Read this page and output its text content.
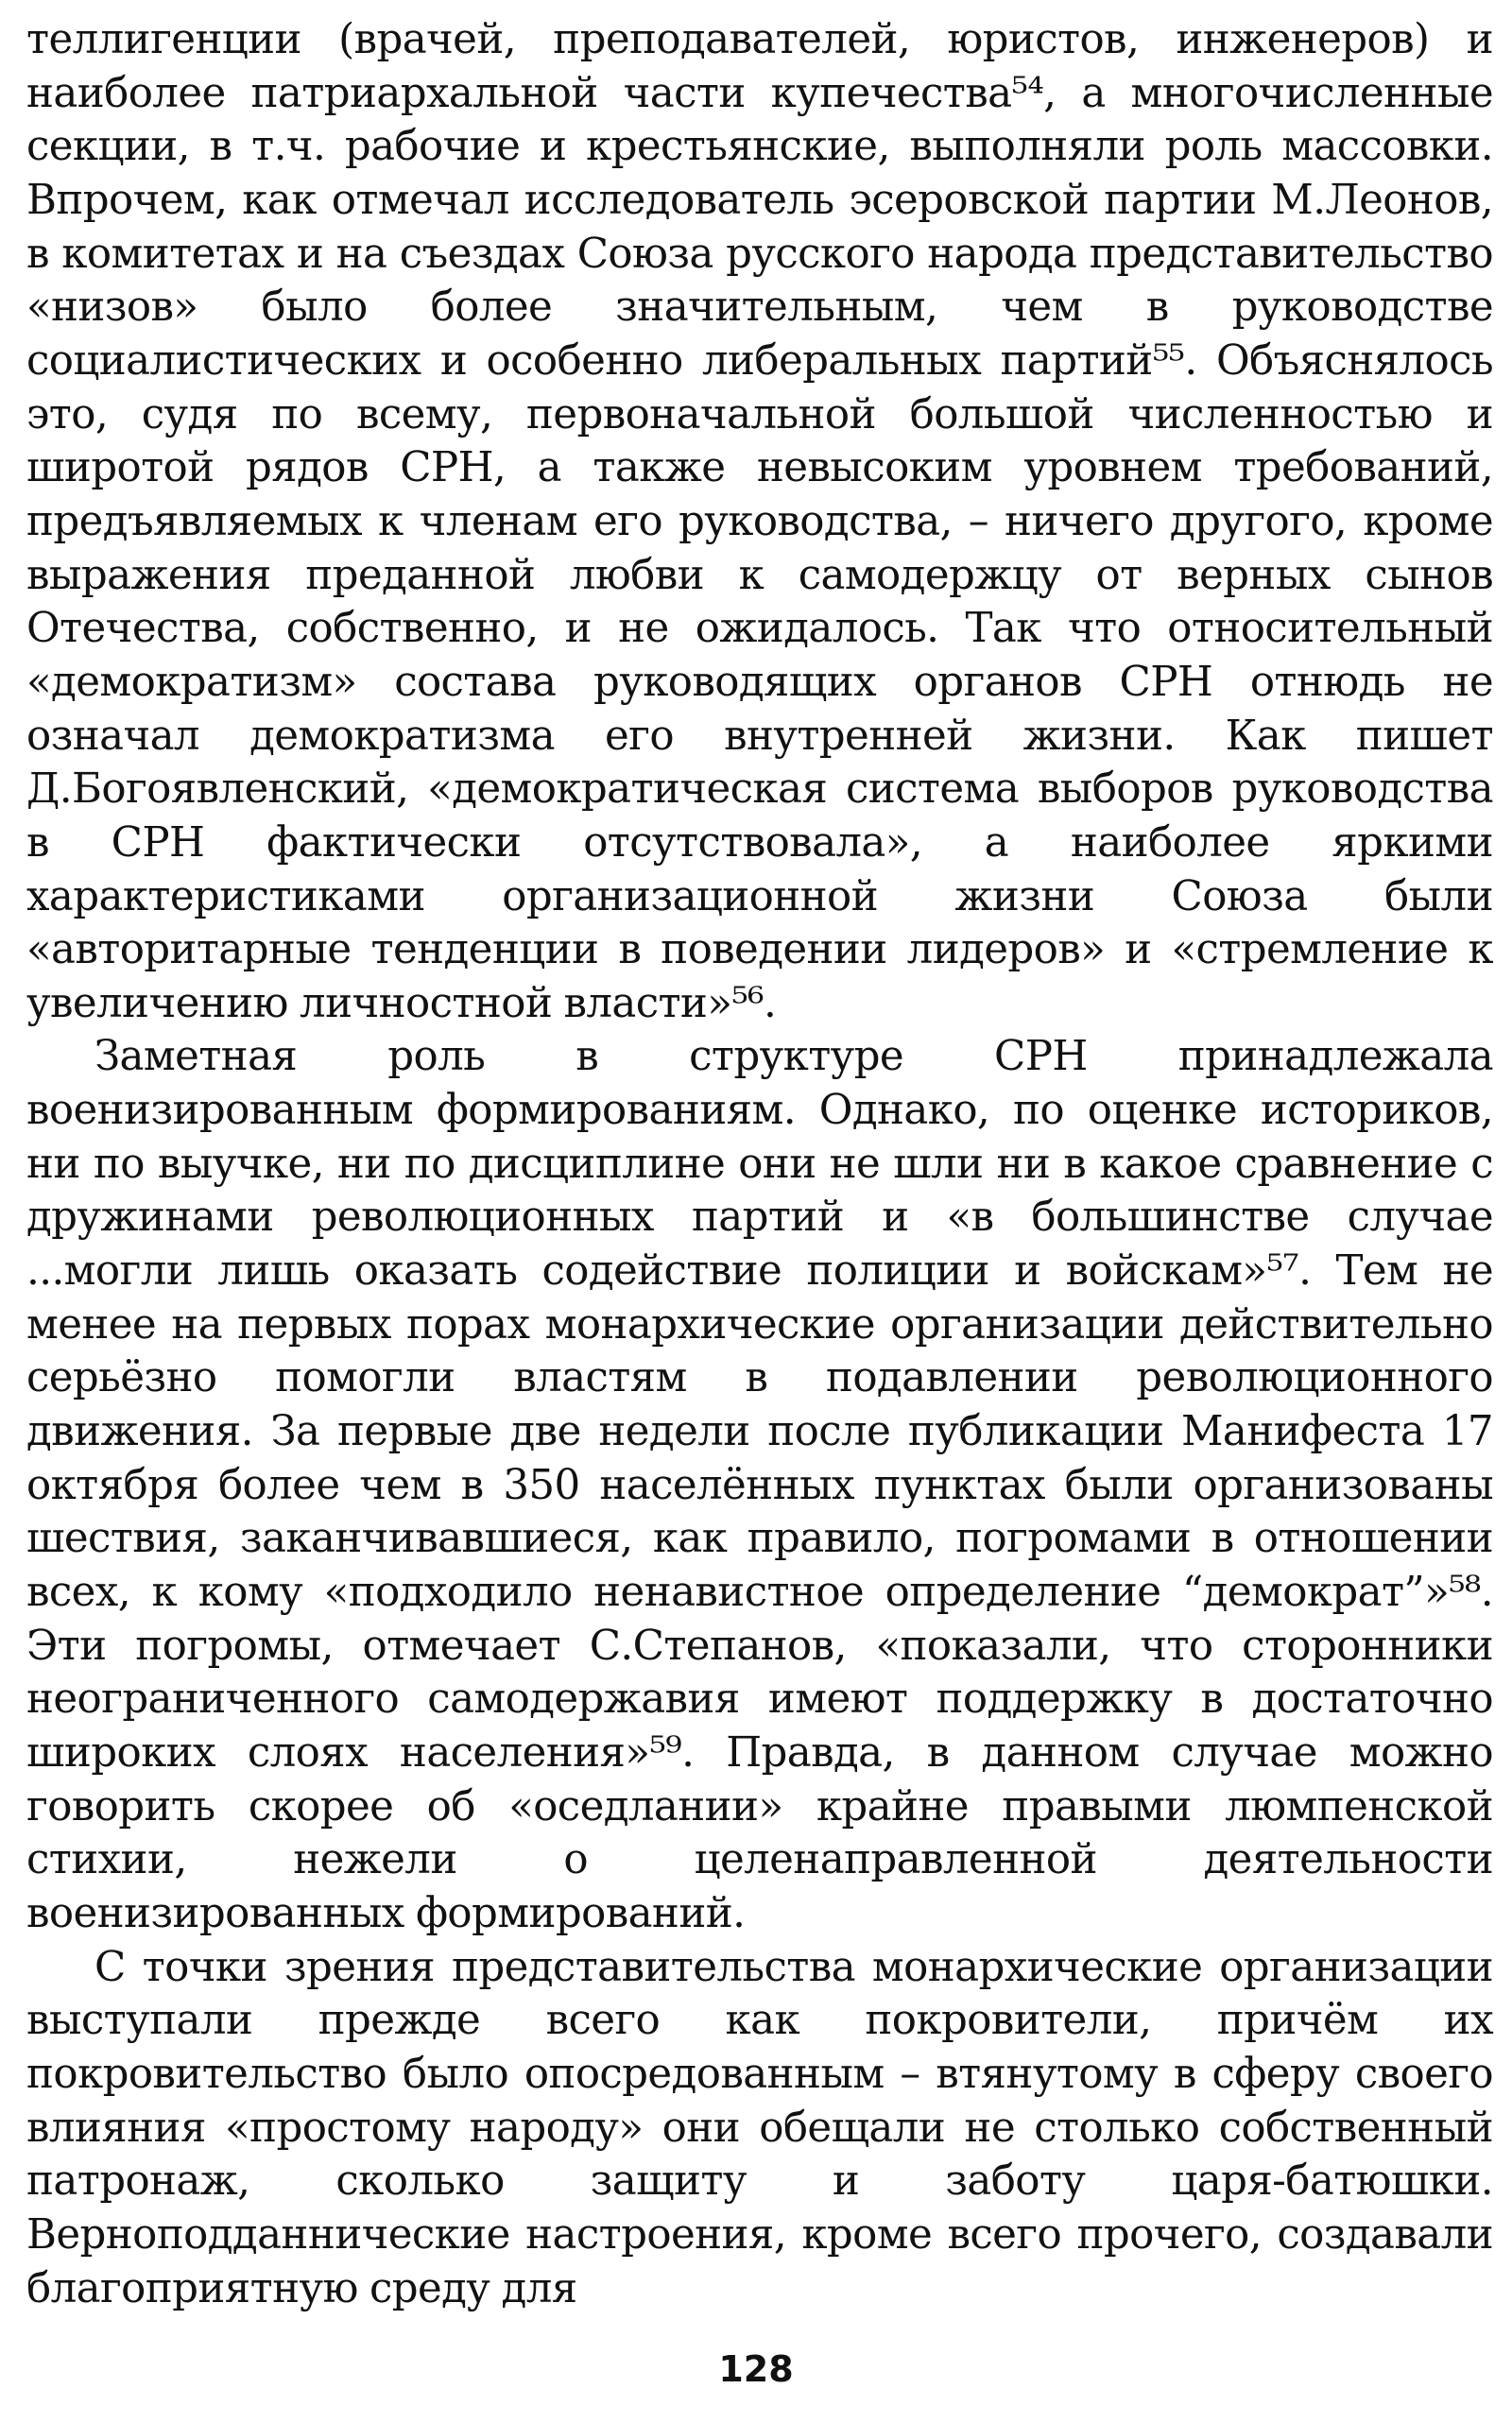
теллигенции (врачей, преподавателей, юристов, инженеров) и наиболее патриархальной части купечества⁵⁴, а многочисленные секции, в т.ч. рабочие и крестьянские, выполняли роль массовки. Впрочем, как отмечал исследователь эсеровской партии М.Леонов, в комитетах и на съездах Союза русского народа представительство «низов» было более значительным, чем в руководстве социалистических и особенно либеральных партий⁵⁵. Объяснялось это, судя по всему, первоначальной большой численностью и широтой рядов СРН, а также невысоким уровнем требований, предъявляемых к членам его руководства, – ничего другого, кроме выражения преданной любви к самодержцу от верных сынов Отечества, собственно, и не ожидалось. Так что относительный «демократизм» состава руководящих органов СРН отнюдь не означал демократизма его внутренней жизни. Как пишет Д.Богоявленский, «демократическая система выборов руководства в СРН фактически отсутствовала», а наиболее яркими характеристиками организационной жизни Союза были «авторитарные тенденции в поведении лидеров» и «стремление к увеличению личностной власти»⁵⁶.

Заметная роль в структуре СРН принадлежала военизированным формированиям. Однако, по оценке историков, ни по выучке, ни по дисциплине они не шли ни в какое сравнение с дружинами революционных партий и «в большинстве случае ...могли лишь оказать содействие полиции и войскам»⁵⁷. Тем не менее на первых порах монархические организации действительно серьёзно помогли властям в подавлении революционного движения. За первые две недели после публикации Манифеста 17 октября более чем в 350 населённых пунктах были организованы шествия, заканчивавшиеся, как правило, погромами в отношении всех, к кому «подходило ненавистное определение “демократ”»⁵⁸. Эти погромы, отмечает С.Степанов, «показали, что сторонники неограниченного самодержавия имеют поддержку в достаточно широких слоях населения»⁵⁹. Правда, в данном случае можно говорить скорее об «оседлании» крайне правыми люмпенской стихии, нежели о целенаправленной деятельности военизированных формирований.

С точки зрения представительства монархические организации выступали прежде всего как покровители, причём их покровительство было опосредованным – втянутому в сферу своего влияния «простому народу» они обещали не столько собственный патронаж, сколько защиту и заботу царя-батюшки. Верноподданнические настроения, кроме всего прочего, создавали благоприятную среду для

128
